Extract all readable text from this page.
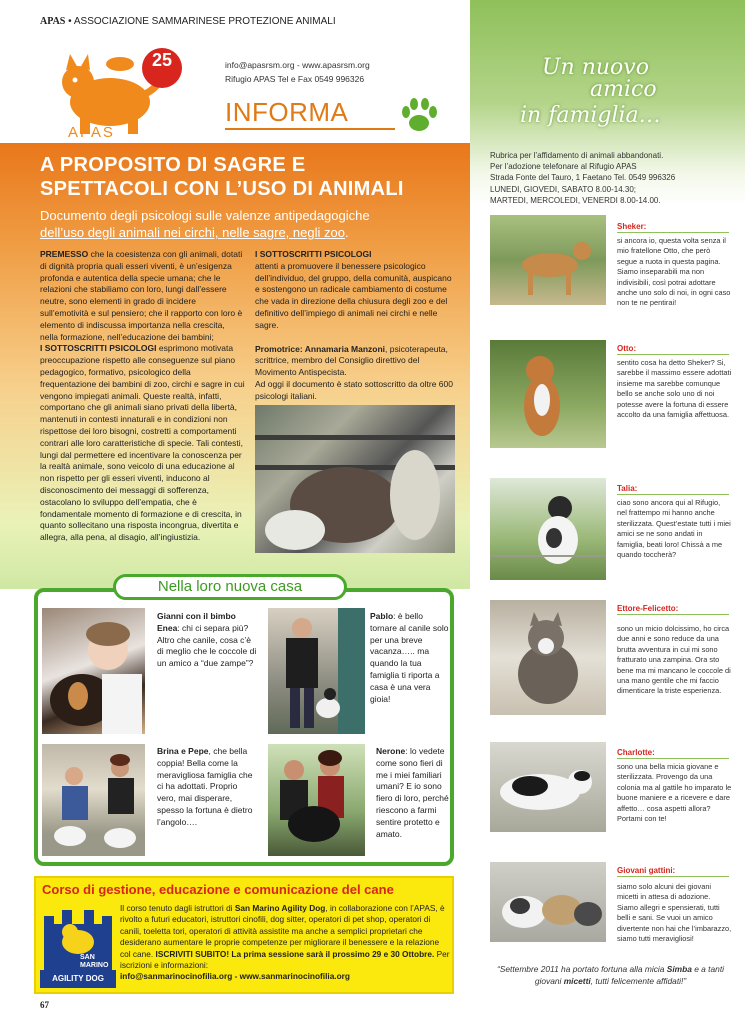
APAS • ASSOCIAZIONE SAMMARINESE PROTEZIONE ANIMALI
25
APAS
info@apasrsm.org - www.apasrsm.org
Rifugio APAS Tel e Fax 0549 996326
INFORMA
A PROPOSITO DI SAGRE E
SPETTACOLI CON L’USO DI ANIMALI
Documento degli psicologi sulle valenze antipedagogiche
dell’uso degli animali nei circhi, nelle sagre, negli zoo.

PREMESSO che la coesistenza con gli animali, dotati di dignità propria quali esseri viventi, è un’esigenza profonda e autentica della specie umana; che le relazioni che stabiliamo con loro, lungi dall’essere neutre, sono elementi in grado di incidere sull’emotività e sul pensiero; che il rapporto con loro è elemento di indiscussa importanza nella crescita, nella formazione, nell’educazione dei bambini;

I SOTTOSCRITTI PSICOLOGI esprimono motivata preoccupazione rispetto alle conseguenze sul piano pedagogico, formativo, psicologico della frequentazione dei bambini di zoo, circhi e sagre in cui vengono impiegati animali. Queste realtà, infatti, comportano che gli animali siano privati della libertà, mantenuti in contesti innaturali e in condizioni non rispettose dei loro bisogni, costretti a comportamenti contrari alle loro caratteristiche di specie. Tali contesti, lungi dal permettere ed incentivare la conoscenza per la realtà animale, sono veicolo di una educazione al non rispetto per gli esseri viventi, inducono al disconoscimento dei messaggi di sofferenza, ostacolano lo sviluppo dell’empatia, che è fondamentale momento di formazione e di crescita, in quanto sollecitano una risposta incongrua, divertita e allegra, alla pena, al disagio, all’ingiustizia.

I SOTTOSCRITTI PSICOLOGI
attenti a promuovere il benessere psicologico dell’individuo, del gruppo, della comunità, auspicano e sostengono un radicale cambiamento di costume che vada in direzione della chiusura degli zoo e del definitivo dell’impiego di animali nei circhi e nelle sagre.

Promotrice: Annamaria Manzoni, psicoterapeuta, scrittrice, membro del Consiglio direttivo del Movimento Antispecista.
Ad oggi il documento è stato sottoscritto da oltre 600 psicologi italiani.

Nella loro nuova casa
Gianni con il bimbo Enea: chi ci separa più? Altro che canile, cosa c’è di meglio che le coccole di un amico a “due zampe”?
Pablo: è bello tornare al canile solo per una breve vacanza….. ma quando la tua famiglia ti riporta a casa è una vera gioia!
Brina e Pepe, che bella coppia! Bella come la meravigliosa famiglia che ci ha adottati. Proprio vero, mai disperare, spesso la fortuna è dietro l’angolo….
Nerone: lo vedete come sono fieri di me i miei familiari umani? E io sono fiero di loro, perché riescono a farmi sentire protetto e amato.
Corso di gestione, educazione e comunicazione del cane
SAN
MARINO
AGILITY DOG
Il corso tenuto dagli istruttori di San Marino Agility Dog, in collaborazione con l’APAS, è rivolto a futuri educatori, istruttori cinofili, dog sitter, operatori di pet shop, operatori di canili, toeletta tori, operatori di attività assistite ma anche a semplici proprietari che desiderano aumentare le proprie competenze per migliorare il benessere e la relazione col cane. ISCRIVITI SUBITO! La prima sessione sarà il prossimo 29 e 30 Ottobre. Per iscrizioni e informazioni:
info@sanmarinocinofilia.org - www.sanmarinocinofilia.org
67
Un nuovo
amico
in famiglia…
Rubrica per l’affidamento di animali abbandonati.
Per l’adozione telefonare al Rifugio APAS
Strada Fonte del Tauro, 1 Faetano Tel. 0549 996326
LUNEDI, GIOVEDI, SABATO 8.00-14.30;
MARTEDI, MERCOLEDI, VENERDI 8.00-14.00.
Sheker:
si ancora io, questa volta senza il mio fratellone Otto, che però segue a ruota in questa pagina. Siamo inseparabili ma non indivisibili, così potrai adottare anche uno solo di noi, in ogni caso non te ne pentirai!
Otto:
sentito cosa ha detto Sheker? Si, sarebbe il massimo essere adottati insieme ma sarebbe comunque bello se anche solo uno di noi potesse avere la fortuna di essere accolto da una famiglia affettuosa.
Talia:
ciao sono ancora qui al Rifugio, nel frattempo mi hanno anche sterilizzata. Quest’estate tutti i miei amici se ne sono andati in famiglia, beati loro! Chissà a me quando toccherà?
Ettore-Felicetto:
sono un micio dolcissimo, ho circa due anni e sono reduce da una brutta avventura in cui mi sono fratturato una zampina. Ora sto bene ma mi mancano le coccole di una mano gentile che mi faccio dimenticare la triste esperienza.
Charlotte:
sono una bella micia giovane e sterilizzata. Provengo da una colonia ma al gattile ho imparato le buone maniere e a ricevere e dare affetto… cosa aspetti allora? Portami con te!
Giovani gattini:
siamo solo alcuni dei giovani micetti in attesa di adozione. Siamo allegri e spensierati, tutti belli e sani. Se vuoi un amico divertente non hai che l’imbarazzo, siamo tutti meravigliosi!
“Settembre 2011 ha portato fortuna alla micia Simba e a tanti giovani micetti, tutti felicemente affidati!”
